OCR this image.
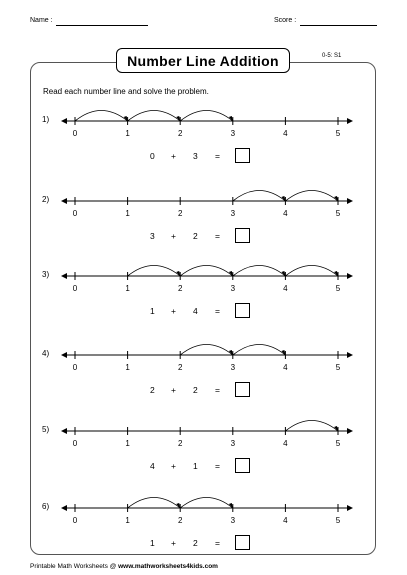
Name :	Score :
Number Line Addition	0-5: S1
Read each number line and solve the problem.
1)
0	1	2	3	4	5
0 + 3 =
2)
0	1	2	3	4	5
3 + 2 =
3)
0	1	2	3	4	5
1 + 4 =
4)
0	1	2	3	4	5
2 + 2 =
5)
0	1	2	3	4	5
4 + 1 =
6)
0	1	2	3	4	5
1 + 2 =
Printable Math Worksheets @ www.mathworksheets4kids.com
